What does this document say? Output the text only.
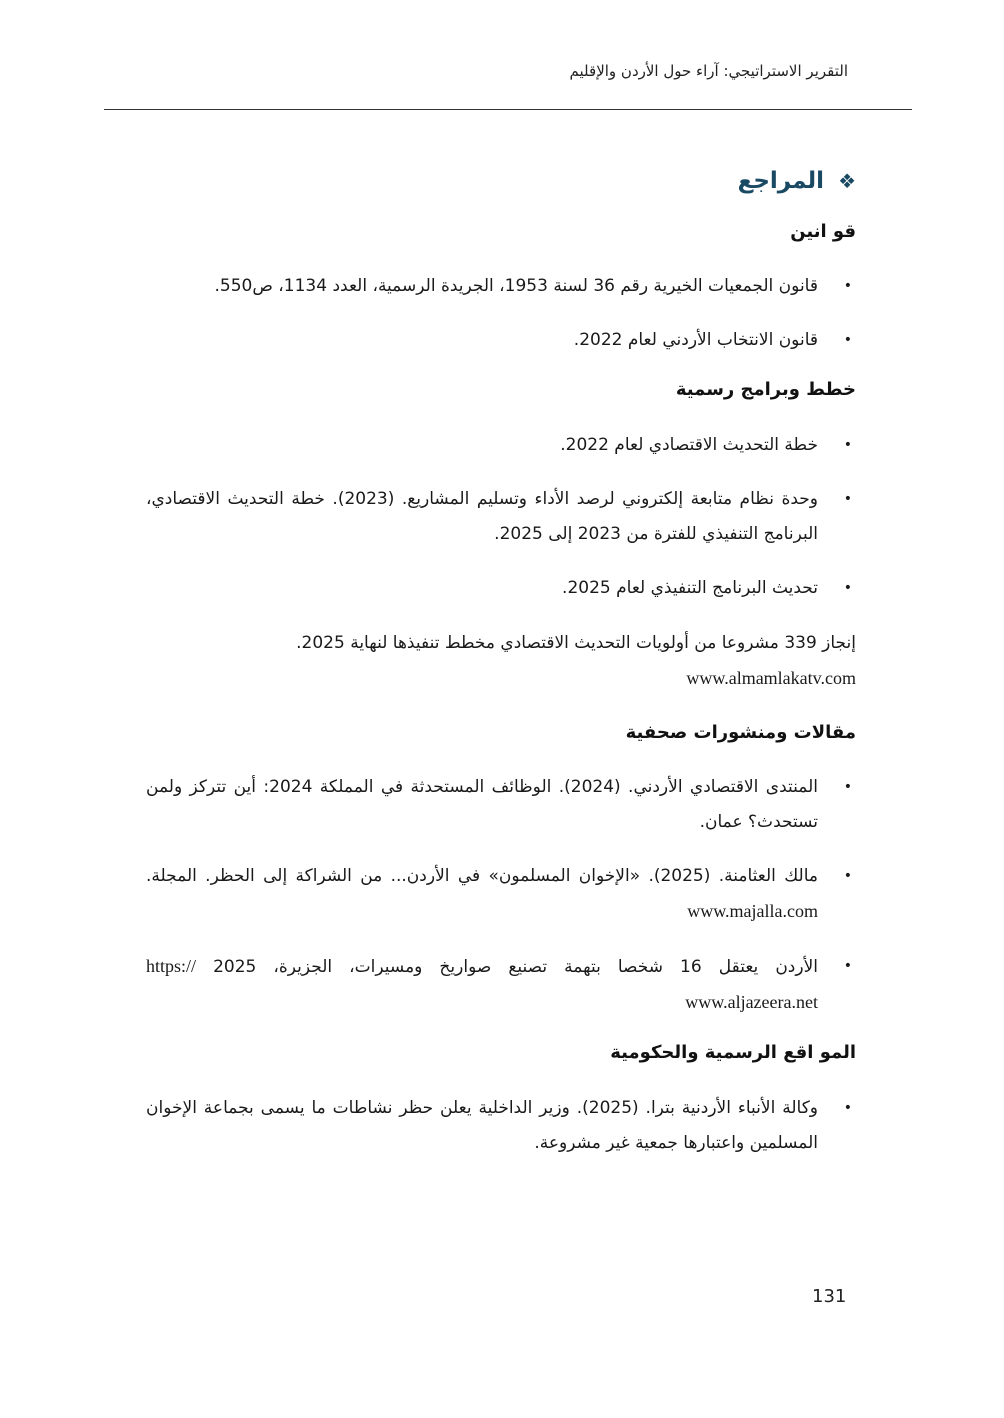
التقرير الاستراتيجي: آراء حول الأردن والإقليم
❖
المراجع
قو انين
•
قانون الجمعيات الخيرية رقم 36 لسنة 1953، الجريدة الرسمية، العدد 1134، ص550.
•
قانون الانتخاب الأردني لعام 2022.
خطط وبرامج رسمية
•
خطة التحديث الاقتصادي لعام 2022.
•
وحدة نظام متابعة إلكتروني لرصد الأداء وتسليم المشاريع. (2023). خطة التحديث الاقتصادي، البرنامج التنفيذي للفترة من 2023 إلى 2025.
•
تحديث البرنامج التنفيذي لعام 2025.
إنجاز 339 مشروعا من أولويات التحديث الاقتصادي مخطط تنفيذها لنهاية 2025.
www.almamlakatv.com
مقالات ومنشورات صحفية
•
المنتدى الاقتصادي الأردني. (2024). الوظائف المستحدثة في المملكة 2024: أين تتركز ولمن تستحدث؟ عمان.
•
مالك العثامنة. (2025). «الإخوان المسلمون» في الأردن... من الشراكة إلى الحظر. المجلة. www.majalla.com
•
الأردن يعتقل 16 شخصا بتهمة تصنيع صواريخ ومسيرات، الجزيرة، 2025 https:// www.aljazeera.net
المو اقع الرسمية والحكومية
•
وكالة الأنباء الأردنية بترا. (2025). وزير الداخلية يعلن حظر نشاطات ما يسمى بجماعة الإخوان المسلمين واعتبارها جمعية غير مشروعة.
131
